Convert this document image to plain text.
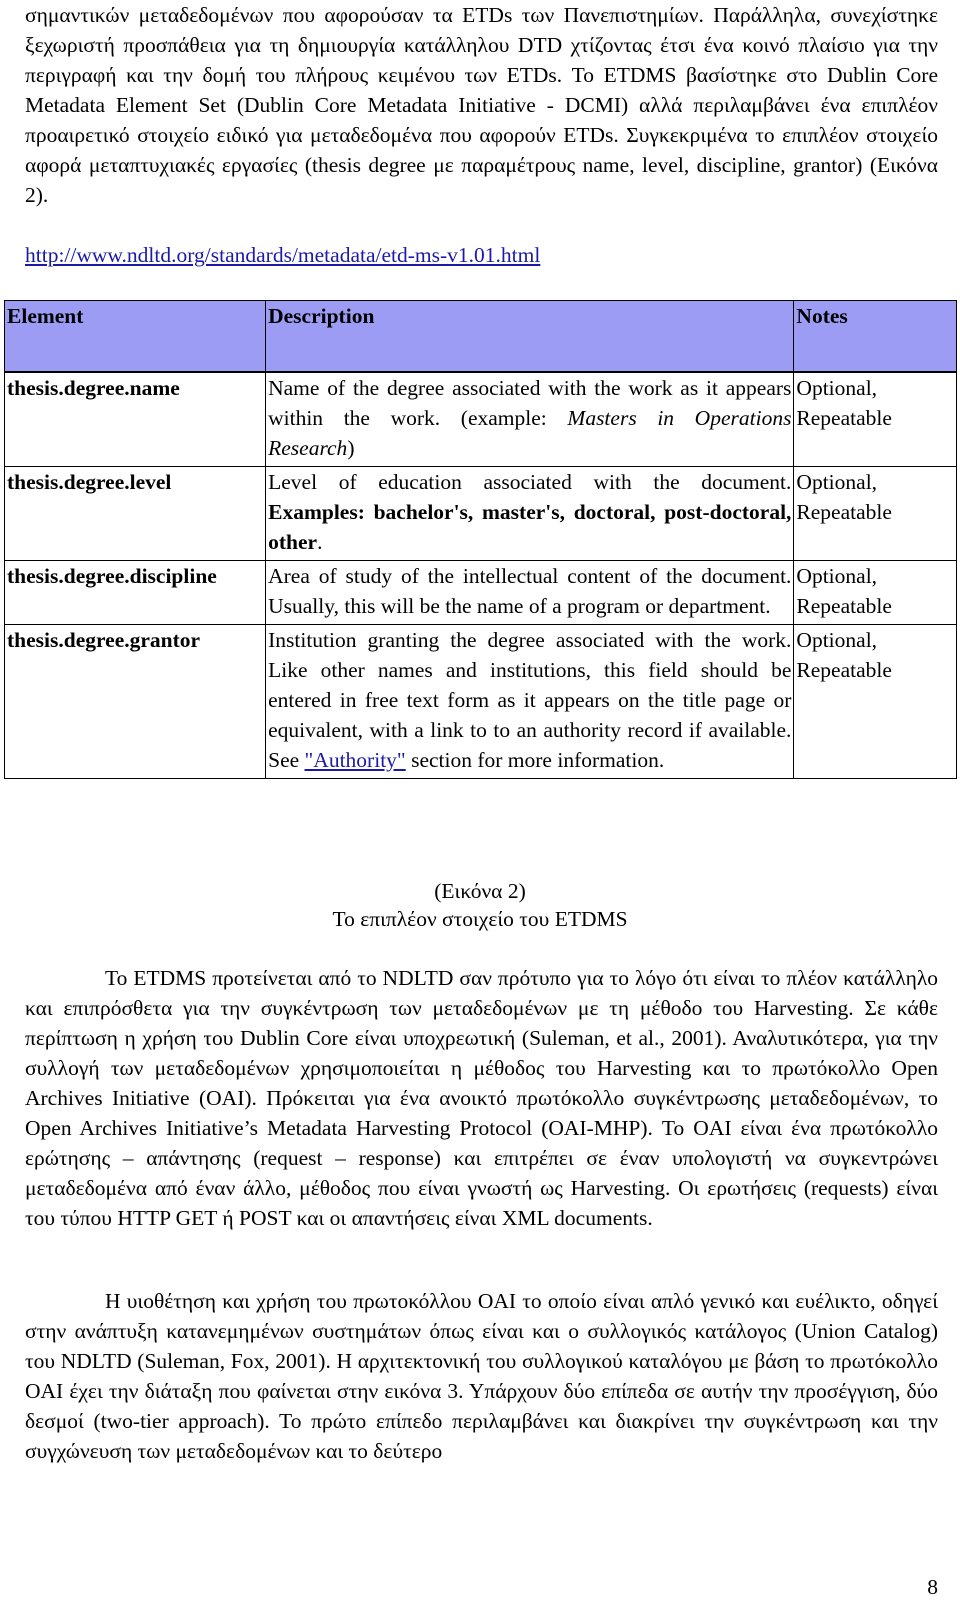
σημαντικών μεταδεδομένων που αφορούσαν τα ETDs των Πανεπιστημίων. Παράλληλα, συνεχίστηκε ξεχωριστή προσπάθεια για τη δημιουργία κατάλληλου DTD χτίζοντας έτσι ένα κοινό πλαίσιο για την περιγραφή και την δομή του πλήρους κειμένου των ETDs. Το ETDMS βασίστηκε στο Dublin Core Metadata Element Set (Dublin Core Metadata Initiative - DCMI) αλλά περιλαμβάνει ένα επιπλέον προαιρετικό στοιχείο ειδικό για μεταδεδομένα που αφορούν ETDs. Συγκεκριμένα το επιπλέον στοιχείο αφορά μεταπτυχιακές εργασίες (thesis degree με παραμέτρους name, level, discipline, grantor) (Εικόνα 2).

http://www.ndltd.org/standards/metadata/etd-ms-v1.01.html
Element	Description	Notes
thesis.degree.name	Name of the degree associated with the work as it appears within the work. (example: Masters in Operations Research)	Optional, Repeatable
thesis.degree.level	Level of education associated with the document. Examples: bachelor's, master's, doctoral, post-doctoral, other.	Optional, Repeatable
thesis.degree.discipline	Area of study of the intellectual content of the document. Usually, this will be the name of a program or department.	Optional, Repeatable
thesis.degree.grantor	Institution granting the degree associated with the work. Like other names and institutions, this field should be entered in free text form as it appears on the title page or equivalent, with a link to to an authority record if available. See "Authority" section for more information.	Optional, Repeatable
(Εικόνα 2)
Το επιπλέον στοιχείο του ETDMS

Το ETDMS προτείνεται από το NDLTD σαν πρότυπο για το λόγο ότι είναι το πλέον κατάλληλο και επιπρόσθετα για την συγκέντρωση των μεταδεδομένων με τη μέθοδο του Harvesting. Σε κάθε περίπτωση η χρήση του Dublin Core είναι υποχρεωτική (Suleman, et al., 2001). Αναλυτικότερα, για την συλλογή των μεταδεδομένων χρησιμοποιείται η μέθοδος του Harvesting και το πρωτόκολλο Open Archives Initiative (OAI). Πρόκειται για ένα ανοικτό πρωτόκολλο συγκέντρωσης μεταδεδομένων, το Open Archives Initiative’s Metadata Harvesting Protocol (OAI-MHP). Το OAI είναι ένα πρωτόκολλο ερώτησης – απάντησης (request – response) και επιτρέπει σε έναν υπολογιστή να συγκεντρώνει μεταδεδομένα από έναν άλλο, μέθοδος που είναι γνωστή ως Harvesting. Οι ερωτήσεις (requests) είναι του τύπου HTTP GET ή POST και οι απαντήσεις είναι XML documents.

Η υιοθέτηση και χρήση του πρωτοκόλλου OAI το οποίο είναι απλό γενικό και ευέλικτο, οδηγεί στην ανάπτυξη κατανεμημένων συστημάτων όπως είναι και ο συλλογικός κατάλογος (Union Catalog) του NDLTD (Suleman, Fox, 2001). Η αρχιτεκτονική του συλλογικού καταλόγου με βάση το πρωτόκολλο OAI έχει την διάταξη που φαίνεται στην εικόνα 3. Υπάρχουν δύο επίπεδα σε αυτήν την προσέγγιση, δύο δεσμοί (two-tier approach). Το πρώτο επίπεδο περιλαμβάνει και διακρίνει την συγκέντρωση και την συγχώνευση των μεταδεδομένων και το δεύτερο

8
